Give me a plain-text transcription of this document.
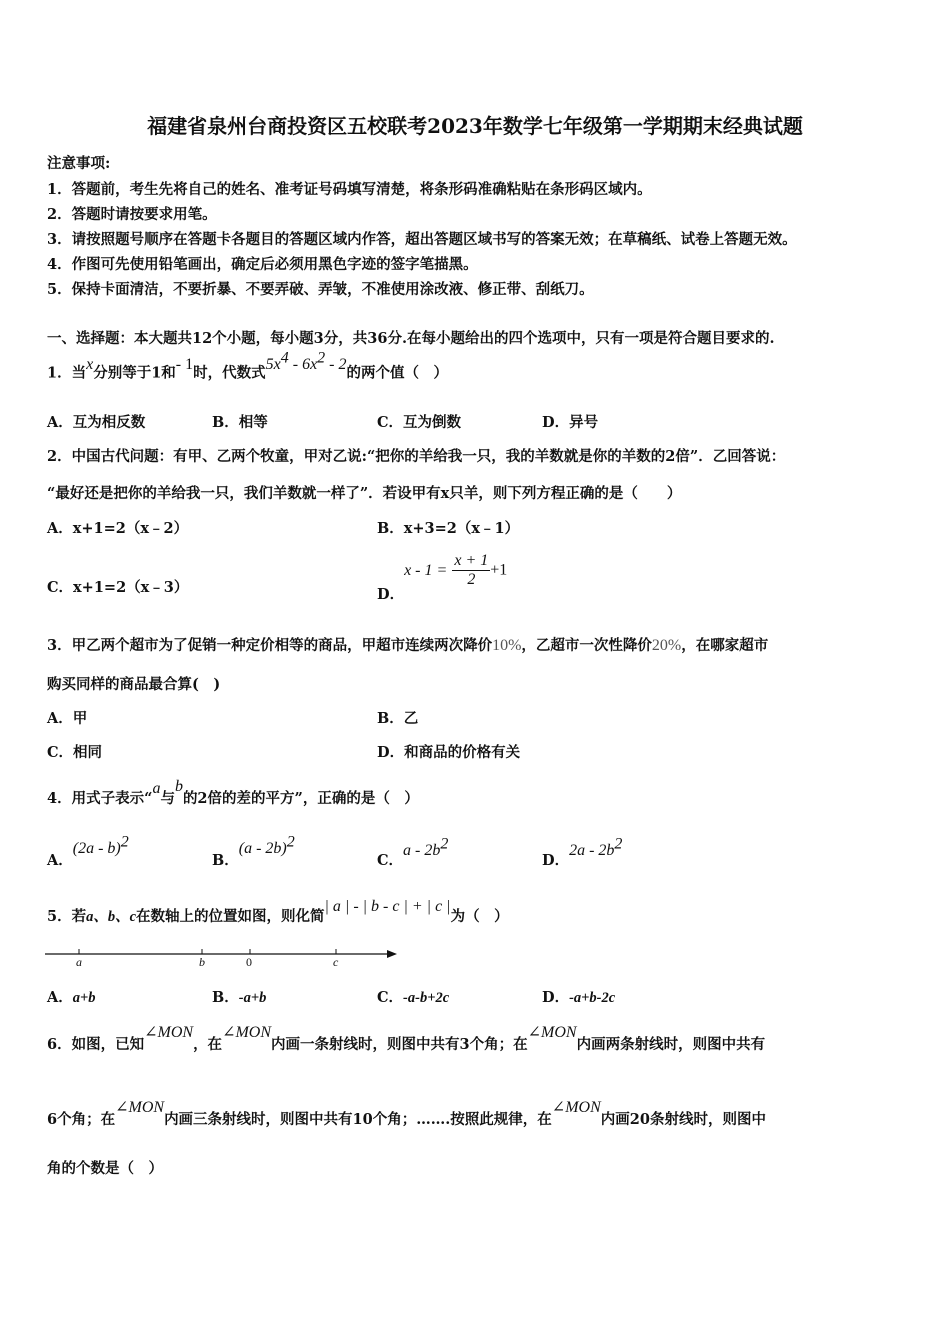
福建省泉州台商投资区五校联考2023年数学七年级第一学期期末经典试题
注意事项:
1．答题前，考生先将自己的姓名、准考证号码填写清楚，将条形码准确粘贴在条形码区域内。
2．答题时请按要求用笔。
3．请按照题号顺序在答题卡各题目的答题区域内作答，超出答题区域书写的答案无效；在草稿纸、试卷上答题无效。
4．作图可先使用铅笔画出，确定后必须用黑色字迹的签字笔描黑。
5．保持卡面清洁，不要折暴、不要弄破、弄皱，不准使用涂改液、修正带、刮纸刀。
一、选择题：本大题共12个小题，每小题3分，共36分.在每小题给出的四个选项中，只有一项是符合题目要求的.
1．当x分别等于1和- 1时，代数式$5x^4 - 6x^2 - 2$的两个值（　）
A．互为相反数	B．相等	C．互为倒数	D．异号
2．中国古代问题：有甲、乙两个牧童，甲对乙说:“把你的羊给我一只，我的羊数就是你的羊数的2倍”．乙回答说：
“最好还是把你的羊给我一只，我们羊数就一样了”．若设甲有x只羊，则下列方程正确的是（　　）
A．x+1=2（x﹣2）	B．x+3=2（x﹣1）
C．x+1=2（x﹣3）	D．$x - 1 = \frac{x + 1}{2} +1$
3．甲乙两个超市为了促销一种定价相等的商品，甲超市连续两次降价10%，乙超市一次性降价20%，在哪家超市
购买同样的商品最合算(　)
A．甲	B．乙
C．相同	D．和商品的价格有关
4．用式子表示“a与b的2倍的差的平方”，正确的是（　）
A．(2a - b)$^2$
B．(a - 2b)$^2$
C．a - $2b^2$
D．$2a - 2b^2$
5．若a、b、c在数轴上的位置如图，则化简| a | - | b - c | + | c |为（　）
a	b	0	c
A．a+b	B．-a+b	C．-a-b+2c	D．-a+b-2c
6．如图，已知∠MON，在∠MON内画一条射线时，则图中共有3个角；在∠MON内画两条射线时，则图中共有
6个角；在∠MON内画三条射线时，则图中共有10个角；…….按照此规律，在∠MON内画20条射线时，则图中
角的个数是（　）
